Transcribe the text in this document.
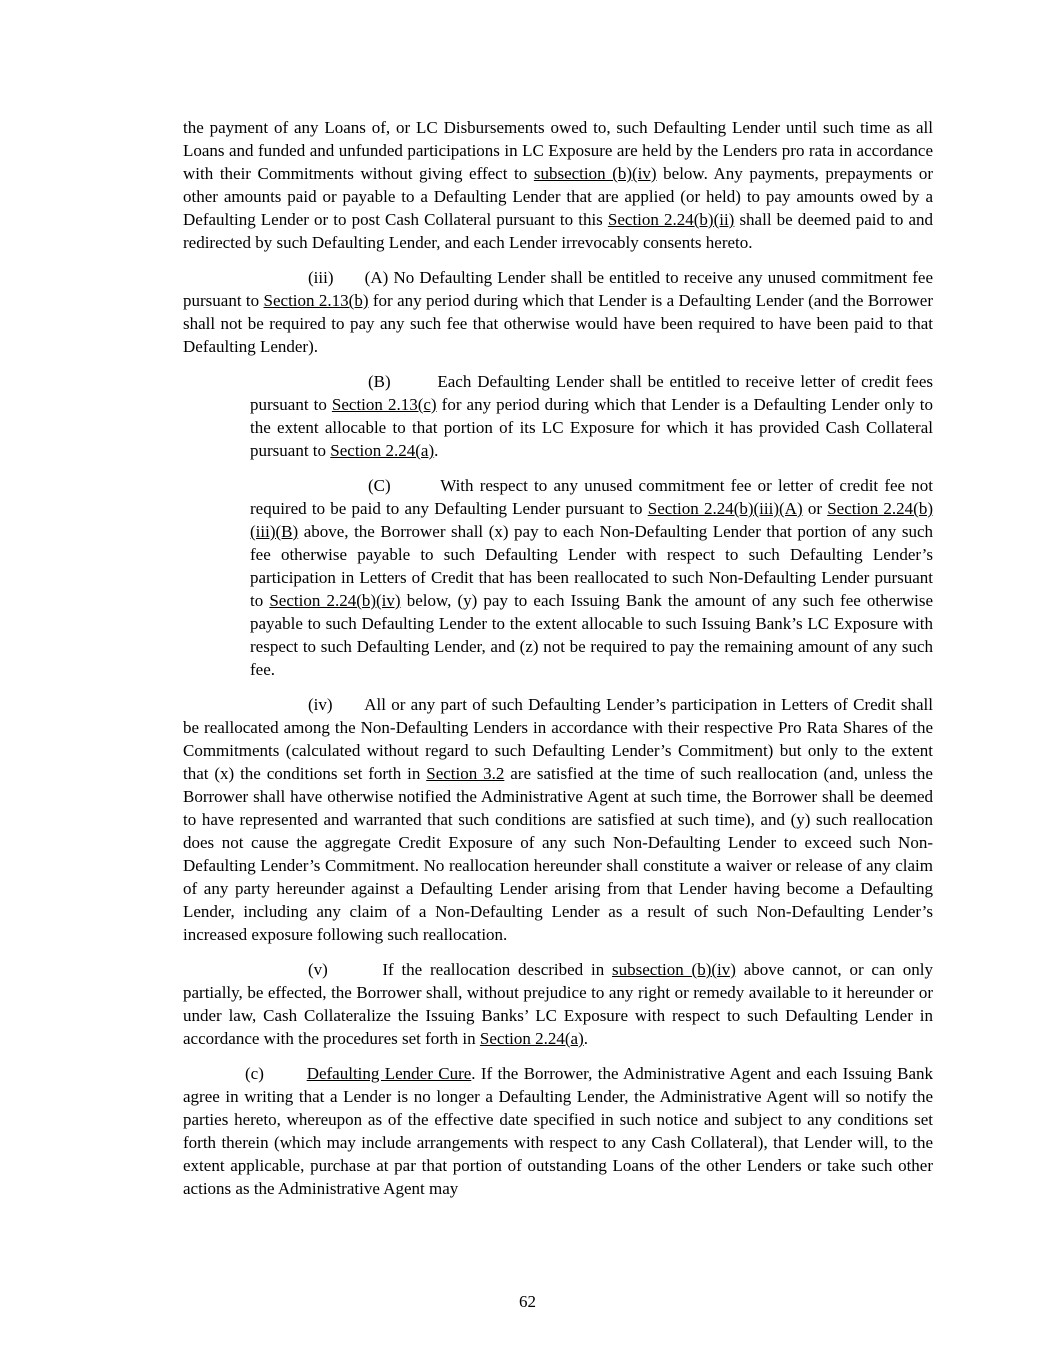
the payment of any Loans of, or LC Disbursements owed to, such Defaulting Lender until such time as all Loans and funded and unfunded participations in LC Exposure are held by the Lenders pro rata in accordance with their Commitments without giving effect to subsection (b)(iv) below. Any payments, prepayments or other amounts paid or payable to a Defaulting Lender that are applied (or held) to pay amounts owed by a Defaulting Lender or to post Cash Collateral pursuant to this Section 2.24(b)(ii) shall be deemed paid to and redirected by such Defaulting Lender, and each Lender irrevocably consents hereto.

(iii)      (A) No Defaulting Lender shall be entitled to receive any unused commitment fee pursuant to Section 2.13(b) for any period during which that Lender is a Defaulting Lender (and the Borrower shall not be required to pay any such fee that otherwise would have been required to have been paid to that Defaulting Lender).

(B)        Each Defaulting Lender shall be entitled to receive letter of credit fees pursuant to Section 2.13(c) for any period during which that Lender is a Defaulting Lender only to the extent allocable to that portion of its LC Exposure for which it has provided Cash Collateral pursuant to Section 2.24(a).

(C)        With respect to any unused commitment fee or letter of credit fee not required to be paid to any Defaulting Lender pursuant to Section 2.24(b)(iii)(A) or Section 2.24(b)(iii)(B) above, the Borrower shall (x) pay to each Non-Defaulting Lender that portion of any such fee otherwise payable to such Defaulting Lender with respect to such Defaulting Lender’s participation in Letters of Credit that has been reallocated to such Non-Defaulting Lender pursuant to Section 2.24(b)(iv) below, (y) pay to each Issuing Bank the amount of any such fee otherwise payable to such Defaulting Lender to the extent allocable to such Issuing Bank’s LC Exposure with respect to such Defaulting Lender, and (z) not be required to pay the remaining amount of any such fee.

(iv)      All or any part of such Defaulting Lender’s participation in Letters of Credit shall be reallocated among the Non-Defaulting Lenders in accordance with their respective Pro Rata Shares of the Commitments (calculated without regard to such Defaulting Lender’s Commitment) but only to the extent that (x) the conditions set forth in Section 3.2 are satisfied at the time of such reallocation (and, unless the Borrower shall have otherwise notified the Administrative Agent at such time, the Borrower shall be deemed to have represented and warranted that such conditions are satisfied at such time), and (y) such reallocation does not cause the aggregate Credit Exposure of any such Non-Defaulting Lender to exceed such Non-Defaulting Lender’s Commitment. No reallocation hereunder shall constitute a waiver or release of any claim of any party hereunder against a Defaulting Lender arising from that Lender having become a Defaulting Lender, including any claim of a Non-Defaulting Lender as a result of such Non-Defaulting Lender’s increased exposure following such reallocation.

(v)       If the reallocation described in subsection (b)(iv) above cannot, or can only partially, be effected, the Borrower shall, without prejudice to any right or remedy available to it hereunder or under law, Cash Collateralize the Issuing Banks’ LC Exposure with respect to such Defaulting Lender in accordance with the procedures set forth in Section 2.24(a).

(c)        Defaulting Lender Cure. If the Borrower, the Administrative Agent and each Issuing Bank agree in writing that a Lender is no longer a Defaulting Lender, the Administrative Agent will so notify the parties hereto, whereupon as of the effective date specified in such notice and subject to any conditions set forth therein (which may include arrangements with respect to any Cash Collateral), that Lender will, to the extent applicable, purchase at par that portion of outstanding Loans of the other Lenders or take such other actions as the Administrative Agent may

62
